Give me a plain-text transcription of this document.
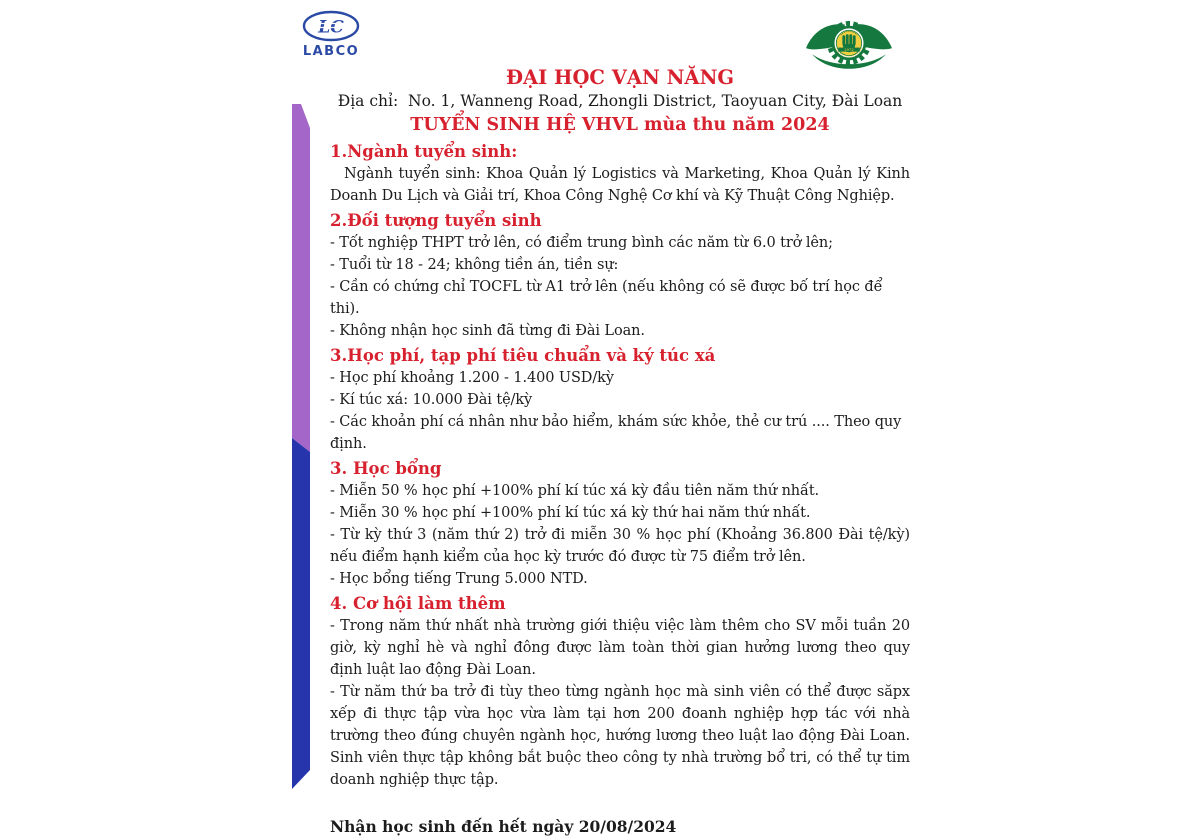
LC
LABCO	1972
ĐẠI HỌC VẠN NĂNG
Địa chỉ:  No. 1, Wanneng Road, Zhongli District, Taoyuan City, Đài Loan
TUYỂN SINH HỆ VHVL mùa thu năm 2024
1.Ngành tuyển sinh:
Ngành tuyển sinh: Khoa Quản lý Logistics và Marketing, Khoa Quản lý Kinh Doanh Du Lịch và Giải trí, Khoa Công Nghệ Cơ khí và Kỹ Thuật Công Nghiệp.
2.Đối tượng tuyển sinh
- Tốt nghiệp THPT trở lên, có điểm trung bình các năm từ 6.0 trở lên;
- Tuổi từ 18 - 24; không tiền án, tiền sự:
- Cần có chứng chỉ TOCFL từ A1 trở lên (nếu không có sẽ được bố trí học để thi).
- Không nhận học sinh đã từng đi Đài Loan.
3.Học phí, tạp phí tiêu chuẩn và ký túc xá
- Học phí khoảng 1.200 - 1.400 USD/kỳ
- Kí túc xá: 10.000 Đài tệ/kỳ
- Các khoản phí cá nhân như bảo hiểm, khám sức khỏe, thẻ cư trú .... Theo quy định.
3. Học bổng
- Miễn 50 % học phí +100% phí kí túc xá kỳ đầu tiên năm thứ nhất.
- Miễn 30 % học phí +100% phí kí túc xá kỳ thứ hai năm thứ nhất.
- Từ kỳ thứ 3 (năm thứ 2) trở đi miễn 30 % học phí (Khoảng 36.800 Đài tệ/kỳ) nếu điểm hạnh kiểm của học kỳ trước đó được từ 75 điểm trở lên.
- Học bổng tiếng Trung 5.000 NTD.
4. Cơ hội làm thêm
- Trong năm thứ nhất nhà trường giới thiệu việc làm thêm cho SV mỗi tuần 20 giờ, kỳ nghỉ hè và nghỉ đông được làm toàn thời gian hưởng lương theo quy định luật lao động Đài Loan.
- Từ năm thứ ba trở đi tùy theo từng ngành học mà sinh viên có thể được săpx xếp đi thực tập vừa học vừa làm tại hơn 200 đoanh nghiệp hợp tác với nhà trường theo đúng chuyên ngành học, hướng lương theo luật lao động Đài Loan. Sinh viên thực tập không bắt buộc theo công ty nhà trường bổ tri, có thể tự tim doanh nghiệp thực tập.
Nhận học sinh đến hết ngày 20/08/2024
